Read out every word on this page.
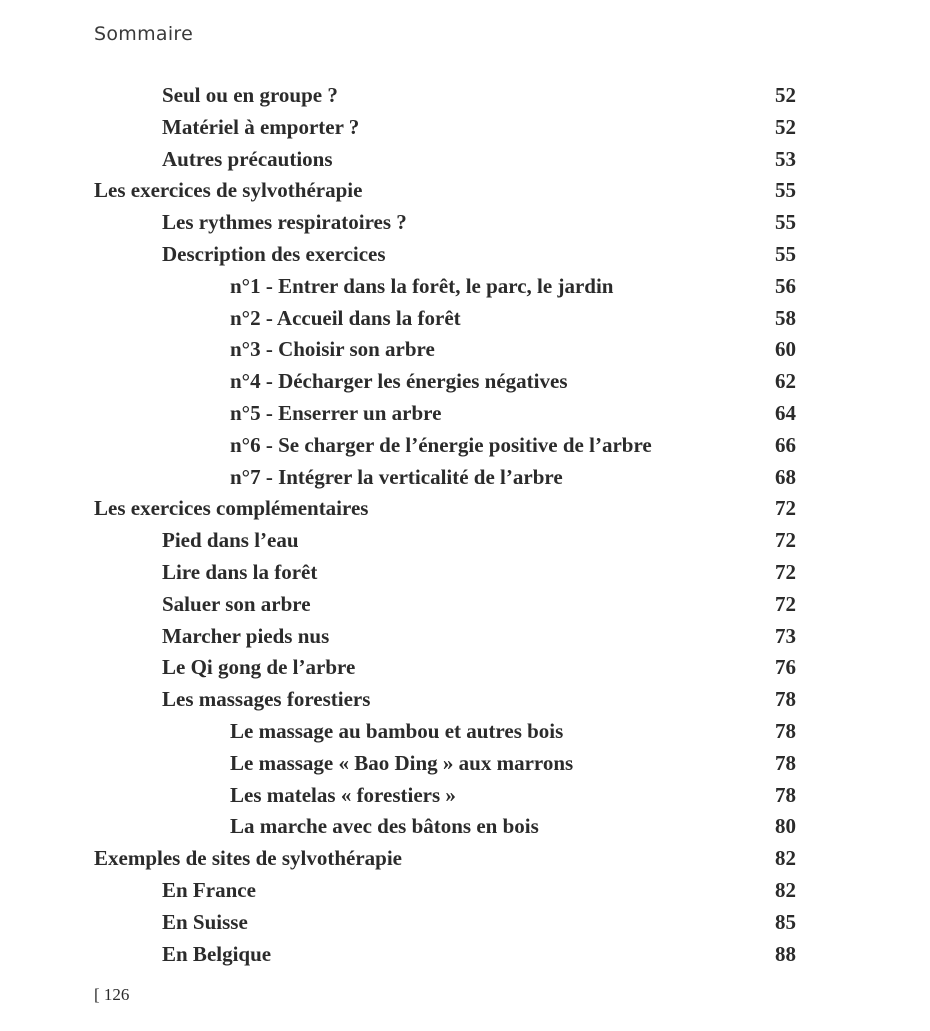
Sommaire
Seul ou en groupe ?	52
Matériel à emporter ?	52
Autres précautions	53
Les exercices de sylvothérapie	55
Les rythmes respiratoires ?	55
Description des exercices	55
n°1 - Entrer dans la forêt, le parc, le jardin	56
n°2 - Accueil dans la forêt	58
n°3 - Choisir son arbre	60
n°4 - Décharger les énergies négatives	62
n°5 - Enserrer un arbre	64
n°6 - Se charger de l’énergie positive de l’arbre	66
n°7 - Intégrer la verticalité de l’arbre	68
Les exercices complémentaires	72
Pied dans l’eau	72
Lire dans la forêt	72
Saluer son arbre	72
Marcher pieds nus	73
Le Qi gong de l’arbre	76
Les massages forestiers	78
Le massage au bambou et autres bois	78
Le massage « Bao Ding » aux marrons	78
Les matelas « forestiers »	78
La marche avec des bâtons en bois	80
Exemples de sites de sylvothérapie	82
En France	82
En Suisse	85
En Belgique	88
[ 126
